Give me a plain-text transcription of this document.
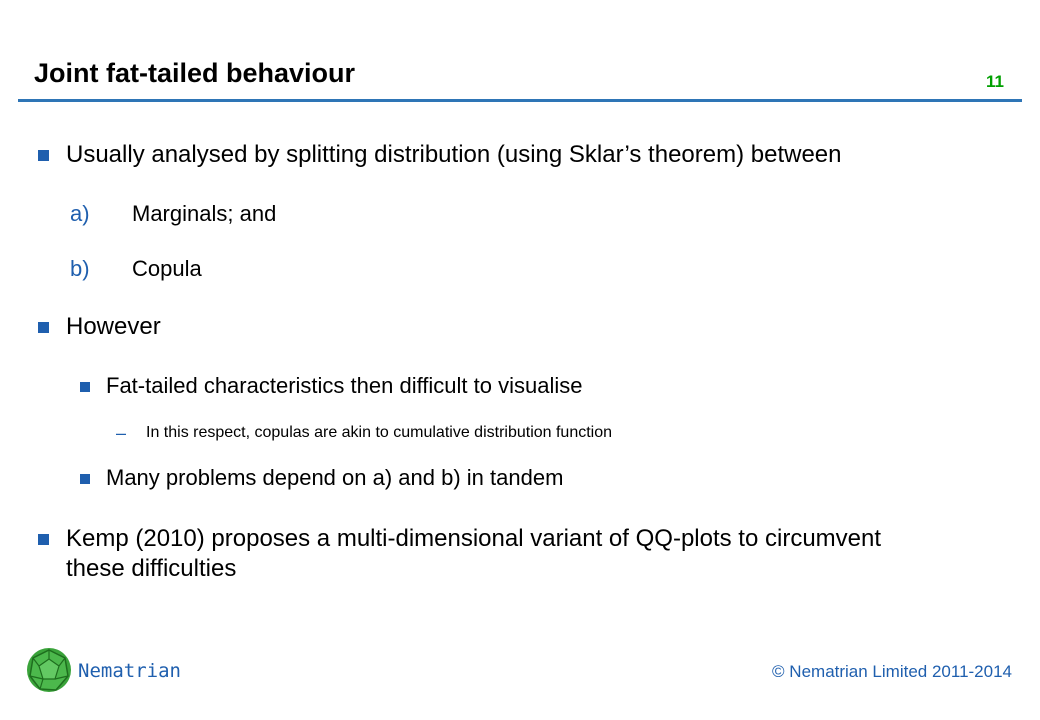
Joint fat-tailed behaviour	11
Usually analysed by splitting distribution (using Sklar’s theorem) between
a) Marginals; and
b) Copula
However
Fat-tailed characteristics then difficult to visualise
– In this respect, copulas are akin to cumulative distribution function
Many problems depend on a) and b) in tandem
Kemp (2010) proposes a multi-dimensional variant of QQ-plots to circumvent
these difficulties
Nematrian	© Nematrian Limited 2011-2014
